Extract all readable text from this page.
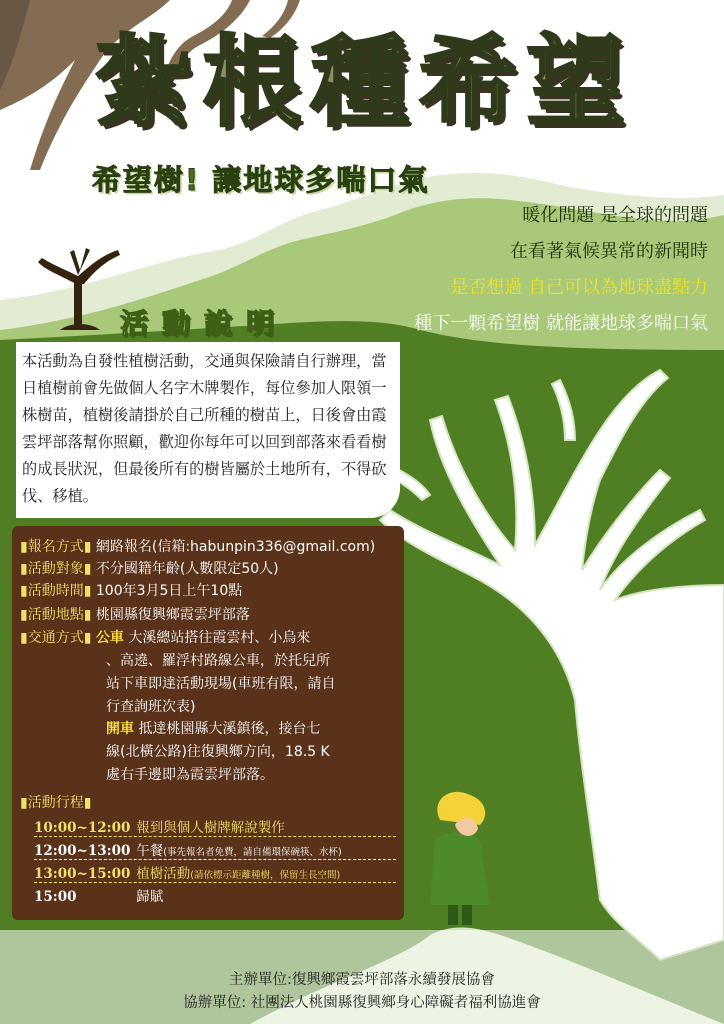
紮根種希望
希望樹! 讓地球多喘口氣
暖化問題 是全球的問題
在看著氣候異常的新聞時
是否想過 自己可以為地球盡點力
種下一顆希望樹 就能讓地球多喘口氣
活動說明

本活動為自發性植樹活動，交通與保險請自行辦理，當日植樹前會先做個人名字木牌製作，每位參加人限領一株樹苗，植樹後請掛於自己所種的樹苗上，日後會由霞雲坪部落幫你照顧，歡迎你每年可以回到部落來看看樹的成長狀況，但最後所有的樹皆屬於土地所有，不得砍伐、移植。

▮報名方式▮ 網路報名(信箱:habunpin336@gmail.com)
▮活動對象▮ 不分國籍年齡(人數限定50人)
▮活動時間▮ 100年3月5日上午10點
▮活動地點▮ 桃園縣復興鄉霞雲坪部落
▮交通方式▮ 公車 大溪總站搭往霞雲村、小烏來
、高遶、羅浮村路線公車，於托兒所
站下車即達活動現場(車班有限，請自
行查詢班次表)
開車 抵達桃園縣大溪鎮後，接台七
線(北橫公路)往復興鄉方向，18.5 K
處右手邊即為霞雲坪部落。
▮活動行程▮
10:00~12:00 報到與個人樹牌解說製作
12:00~13:00 午餐(事先報名者免費，請自備環保碗筷、水杯)
13:00~15:00 植樹活動(請依標示距離種樹，保留生長空間)
15:00	歸賦
主辦單位:復興鄉霞雲坪部落永續發展協會
協辦單位: 社團法人桃園縣復興鄉身心障礙者福利協進會
